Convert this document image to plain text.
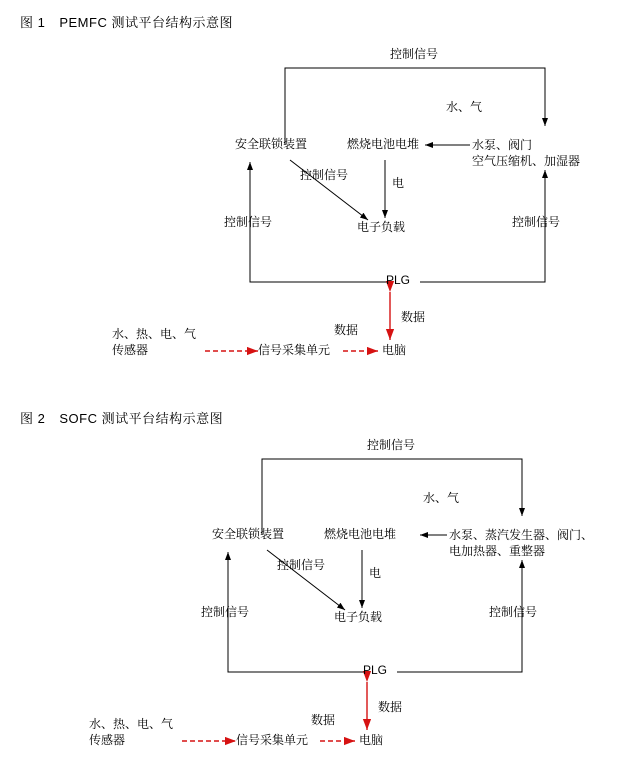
图 1 PEMFC 测试平台结构示意图
控制信号
水、气
安全联锁装置	燃烧电池电堆	水泵、阀门
空气压缩机、加湿器
控制信号
电
电子负载
控制信号	控制信号
PLG
数据
水、热、电、气
传感器	信号采集单元
数据
电脑
图 2 SOFC 测试平台结构示意图
控制信号
水、气
安全联锁装置	燃烧电池电堆	水泵、蒸汽发生器、阀门、
电加热器、重整器
控制信号
电
电子负载
控制信号	控制信号
PLG
数据
水、热、电、气
传感器	信号采集单元
数据
电脑
